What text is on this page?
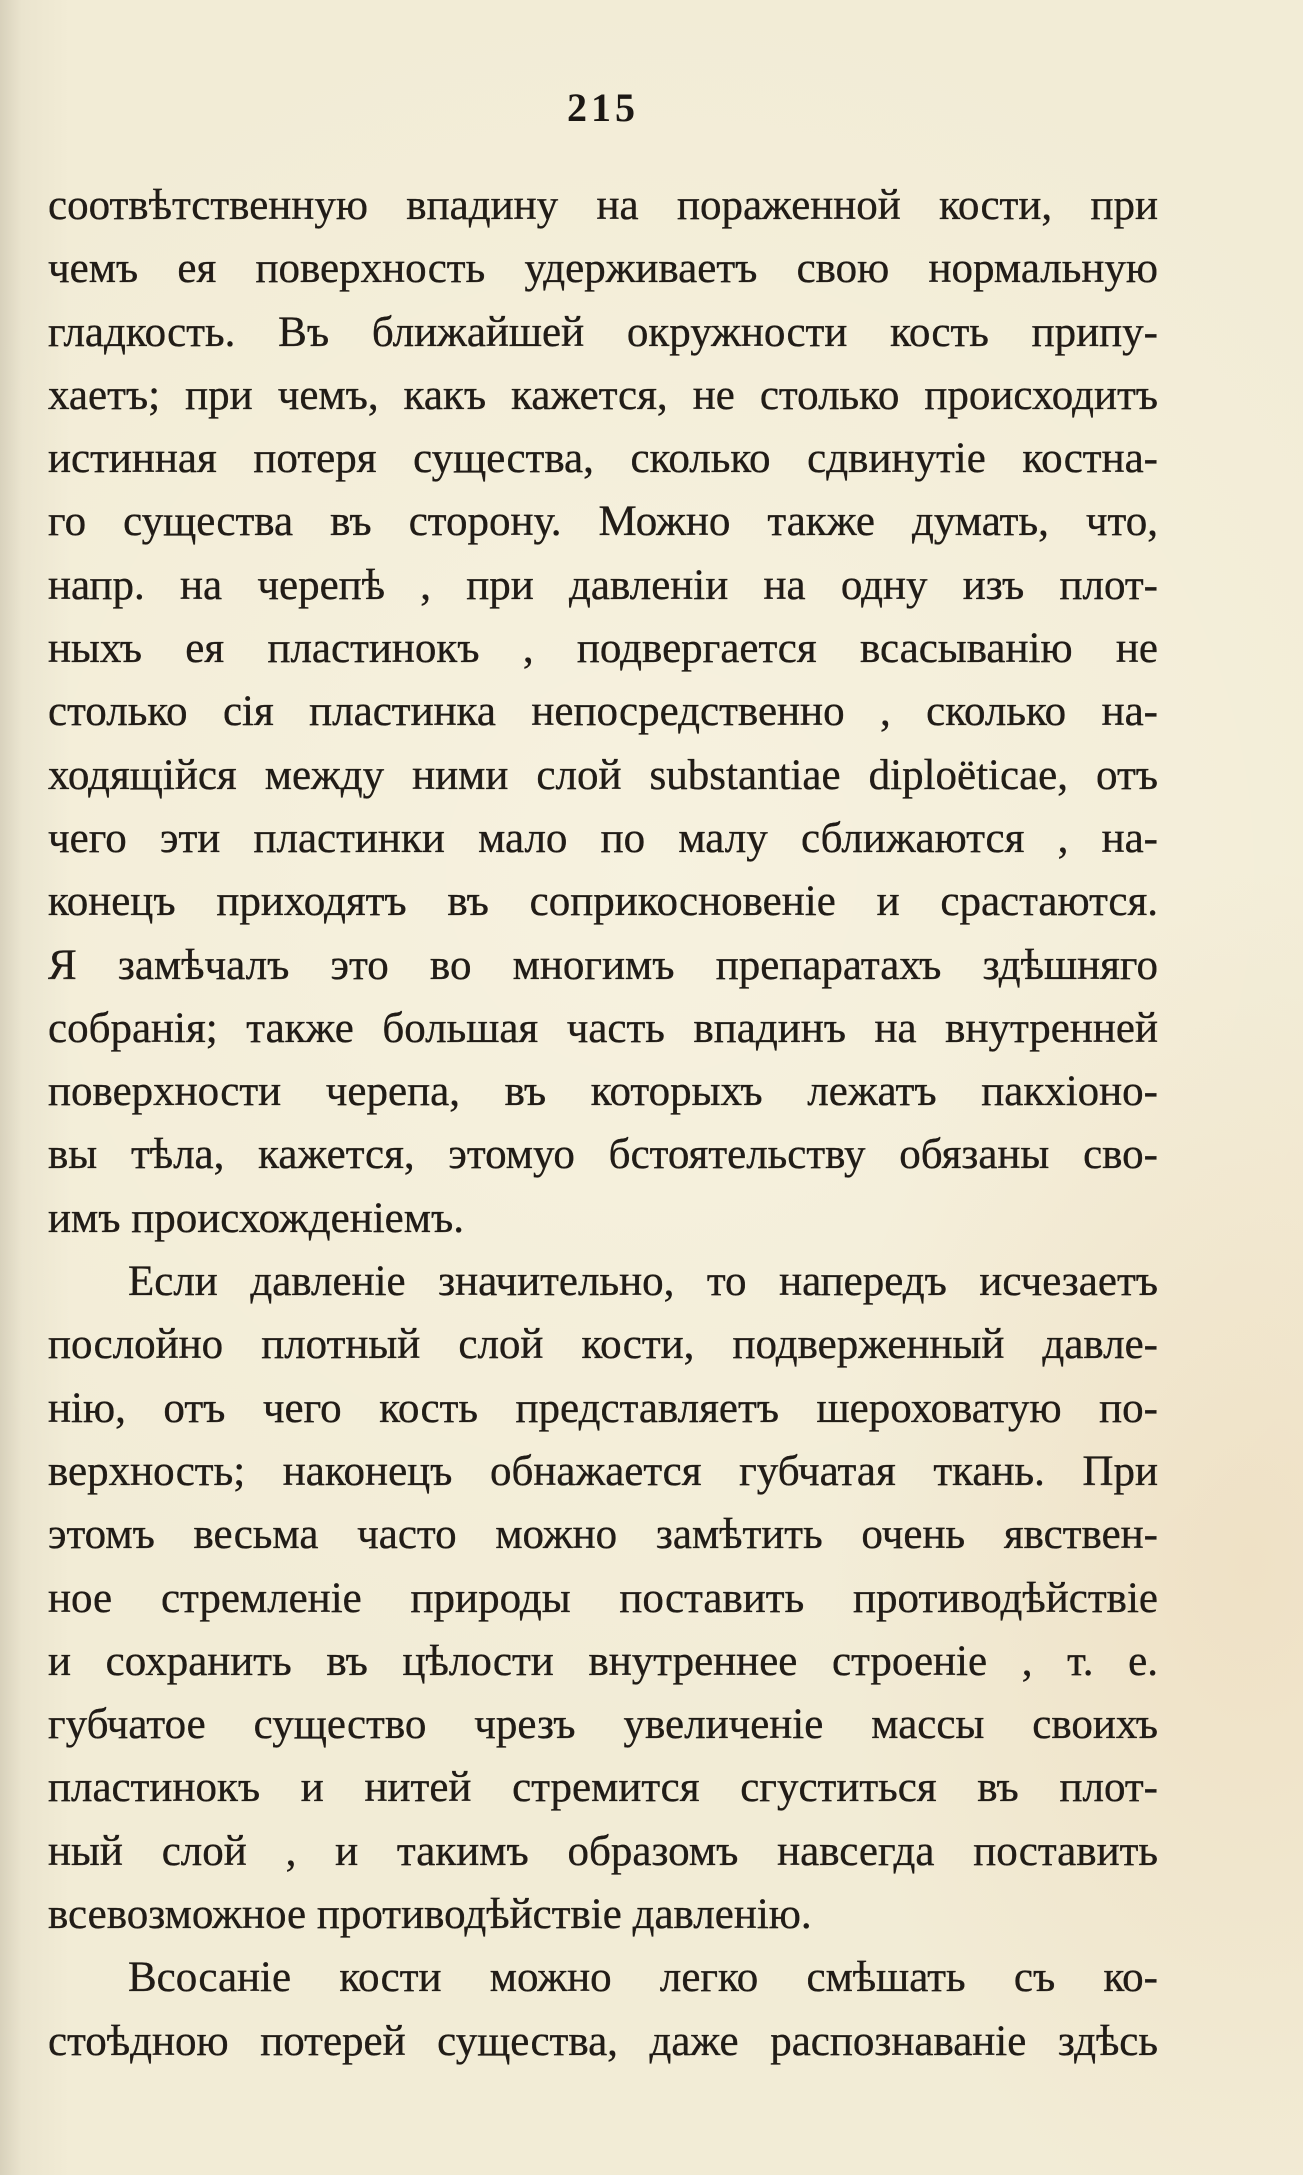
215
соотвѣтственную впадину на пораженной кости, при
чемъ ея поверхность удерживаетъ свою нормальную
гладкость. Въ ближайшей окружности кость припу-
хаетъ; при чемъ, какъ кажется, не столько происходитъ
истинная потеря существа, сколько сдвинутіе костна-
го существа въ сторону. Можно также думать, что,
напр. на черепѣ , при давленіи на одну изъ плот-
ныхъ ея пластинокъ , подвергается всасыванію не
столько сія пластинка непосредственно , сколько на-
ходящійся между ними слой substantiae diploëticae, отъ
чего эти пластинки мало по малу сближаются , на-
конецъ приходятъ въ соприкосновеніе и срастаются.
Я замѣчалъ это во многимъ препаратахъ здѣшняго
собранія; также большая часть впадинъ на внутренней
поверхности черепа, въ которыхъ лежатъ пакхіоно-
вы тѣла, кажется, этомуо бстоятельству обязаны сво-
имъ происхожденіемъ.
Если давленіе значительно, то напередъ исчезаетъ
послойно плотный слой кости, подверженный давле-
нію, отъ чего кость представляетъ шероховатую по-
верхность; наконецъ обнажается губчатая ткань. При
этомъ весьма часто можно замѣтить очень явствен-
ное стремленіе природы поставить противодѣйствіе
и сохранить въ цѣлости внутреннее строеніе , т. е.
губчатое существо чрезъ увеличеніе массы своихъ
пластинокъ и нитей стремится сгуститься въ плот-
ный слой , и такимъ образомъ навсегда поставить
всевозможное противодѣйствіе давленію.
Всосаніе кости можно легко смѣшать съ ко-
стоѣдною потерей существа, даже распознаваніе здѣсь
